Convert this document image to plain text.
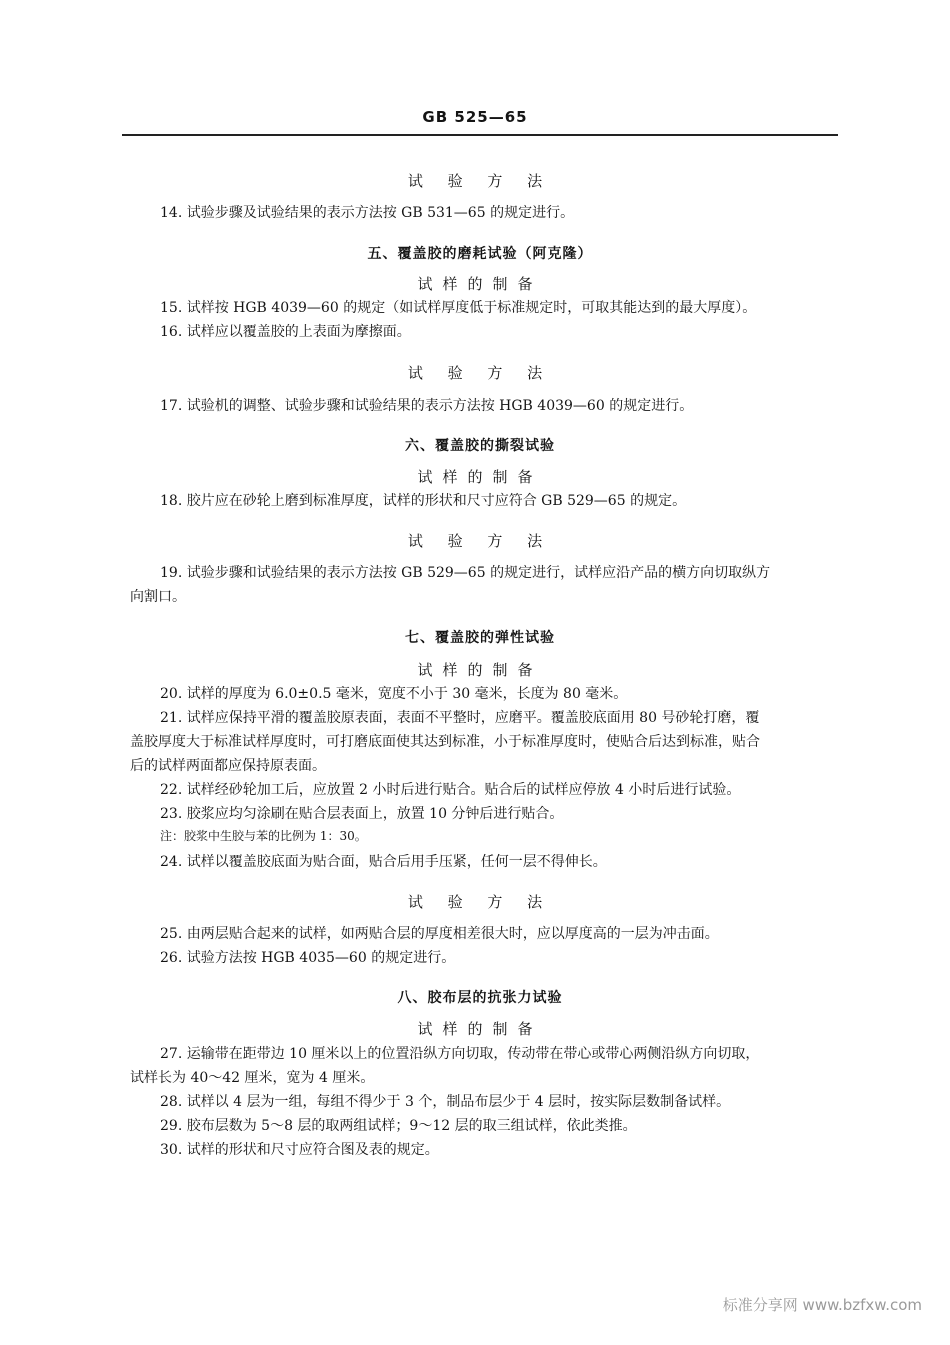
GB 525—65
试 验 方 法
14. 试验步骤及试验结果的表示方法按 GB 531—65 的规定进行。
五、覆盖胶的磨耗试验（阿克隆）
试样的制备
15. 试样按 HGB 4039—60 的规定（如试样厚度低于标准规定时，可取其能达到的最大厚度）。
16. 试样应以覆盖胶的上表面为摩擦面。
试 验 方 法
17. 试验机的调整、试验步骤和试验结果的表示方法按 HGB 4039—60 的规定进行。
六、覆盖胶的撕裂试验
试样的制备
18. 胶片应在砂轮上磨到标准厚度，试样的形状和尺寸应符合 GB 529—65 的规定。
试 验 方 法
19. 试验步骤和试验结果的表示方法按 GB 529—65 的规定进行，试样应沿产品的横方向切取纵方
向割口。
七、覆盖胶的弹性试验
试样的制备
20. 试样的厚度为 6.0±0.5 毫米，宽度不小于 30 毫米，长度为 80 毫米。
21. 试样应保持平滑的覆盖胶原表面，表面不平整时，应磨平。覆盖胶底面用 80 号砂轮打磨，覆
盖胶厚度大于标准试样厚度时，可打磨底面使其达到标准，小于标准厚度时，使贴合后达到标准，贴合
后的试样两面都应保持原表面。
22. 试样经砂轮加工后，应放置 2 小时后进行贴合。贴合后的试样应停放 4 小时后进行试验。
23. 胶浆应均匀涂刷在贴合层表面上，放置 10 分钟后进行贴合。
注：胶浆中生胶与苯的比例为 1：30。
24. 试样以覆盖胶底面为贴合面，贴合后用手压紧，任何一层不得伸长。
试 验 方 法
25. 由两层贴合起来的试样，如两贴合层的厚度相差很大时，应以厚度高的一层为冲击面。
26. 试验方法按 HGB 4035—60 的规定进行。
八、胶布层的抗张力试验
试样的制备
27. 运输带在距带边 10 厘米以上的位置沿纵方向切取，传动带在带心或带心两侧沿纵方向切取，
试样长为 40～42 厘米，宽为 4 厘米。
28. 试样以 4 层为一组，每组不得少于 3 个，制品布层少于 4 层时，按实际层数制备试样。
29. 胶布层数为 5～8 层的取两组试样；9～12 层的取三组试样，依此类推。
30. 试样的形状和尺寸应符合图及表的规定。
标准分享网 www.bzfxw.com
